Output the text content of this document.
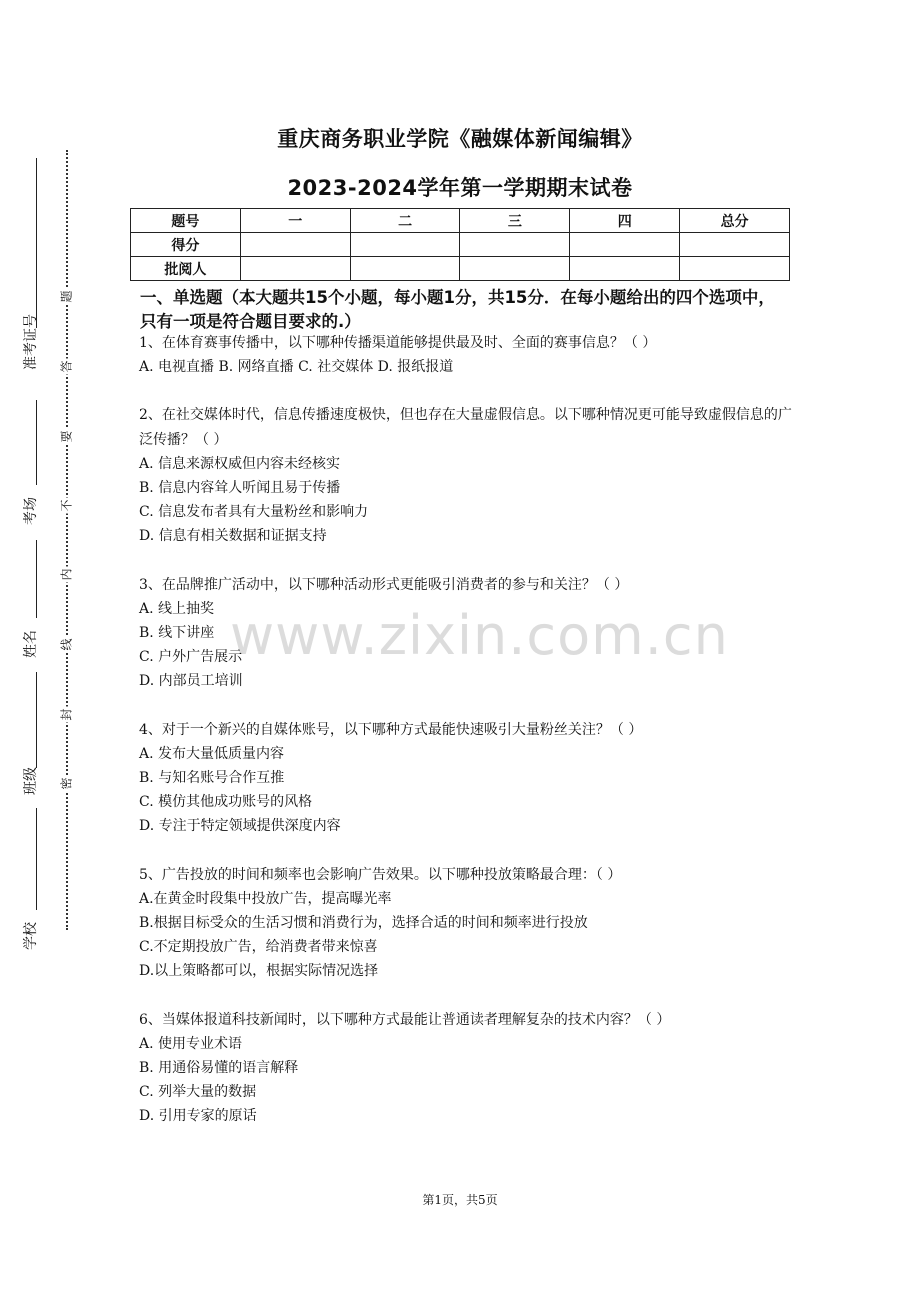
题
答
要
不
内
线
封
密
准考证号
考场
姓名
班级
学校
重庆商务职业学院《融媒体新闻编辑》
2023-2024学年第一学期期末试卷
题号	一	二	三	四	总分
得分					
批阅人					
一、单选题（本大题共15个小题，每小题1分，共15分．在每小题给出的四个选项中，只有一项是符合题目要求的.）
www.zixin.com.cn

1、在体育赛事传播中，以下哪种传播渠道能够提供最及时、全面的赛事信息？（ ）

A. 电视直播 B. 网络直播 C. 社交媒体 D. 报纸报道

2、在社交媒体时代，信息传播速度极快，但也存在大量虚假信息。以下哪种情况更可能导致虚假信息的广泛传播？（ ）

A. 信息来源权威但内容未经核实

B. 信息内容耸人听闻且易于传播

C. 信息发布者具有大量粉丝和影响力

D. 信息有相关数据和证据支持

3、在品牌推广活动中，以下哪种活动形式更能吸引消费者的参与和关注？（ ）

A. 线上抽奖

B. 线下讲座

C. 户外广告展示

D. 内部员工培训

4、对于一个新兴的自媒体账号，以下哪种方式最能快速吸引大量粉丝关注？（ ）

A. 发布大量低质量内容

B. 与知名账号合作互推

C. 模仿其他成功账号的风格

D. 专注于特定领域提供深度内容

5、广告投放的时间和频率也会影响广告效果。以下哪种投放策略最合理：（ ）

A.在黄金时段集中投放广告，提高曝光率

B.根据目标受众的生活习惯和消费行为，选择合适的时间和频率进行投放

C.不定期投放广告，给消费者带来惊喜

D.以上策略都可以，根据实际情况选择

6、当媒体报道科技新闻时，以下哪种方式最能让普通读者理解复杂的技术内容？（ ）

A. 使用专业术语

B. 用通俗易懂的语言解释

C. 列举大量的数据

D. 引用专家的原话

第1页，共5页
